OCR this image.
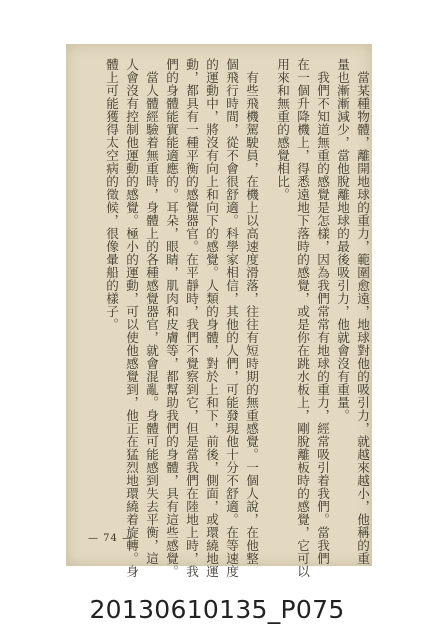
　當某種物體，離開地球的重力，範圍愈遠，地球對他的吸引力，就越來越小，他稱的重
量也漸漸減少，當他脫離地球的最後吸引力，他就會沒有重量。
　我們不知道無重的感覺是怎樣，因為我們常常有地球的重力，經常吸引着我們。當我們
在一個升降機上，得悉遠地下落時的感覺，或是你在跳水板上，剛脫離板時的感覺，它可以
用來和無重的感覺相比。
　有些飛機駕駛員，在機上以高速度滑落，往往有短時期的無重感覺。一個人說，在他整
個飛行時間，從不會很舒適。科學家相信，其他的人們，可能發現他十分不舒適。在等速度
的運動中，將沒有向上和向下的感覺。人類的身體，對於上和下，前後，側面，或環繞地運
動，都具有一種平衡的感覺器官。在平靜時，我們不覺察到它，但是當我們在陸地上時，我
們的身體能實能適應的。耳朵，眼睛，肌肉和皮膚等，都幫助我們的身體，具有這些感覺。
　當人體經驗着無重時，身體上的各種感覺器官，就會混亂。身體可能感到失去平衡，這
人會沒有控制他運動的感覺。極小的運動，可以使他感覺到，他正在猛烈地環繞着旋轉。身
體上可能獲得太空病的徵候，很像暈船的樣子。
— 74 —
20130610135_P075
